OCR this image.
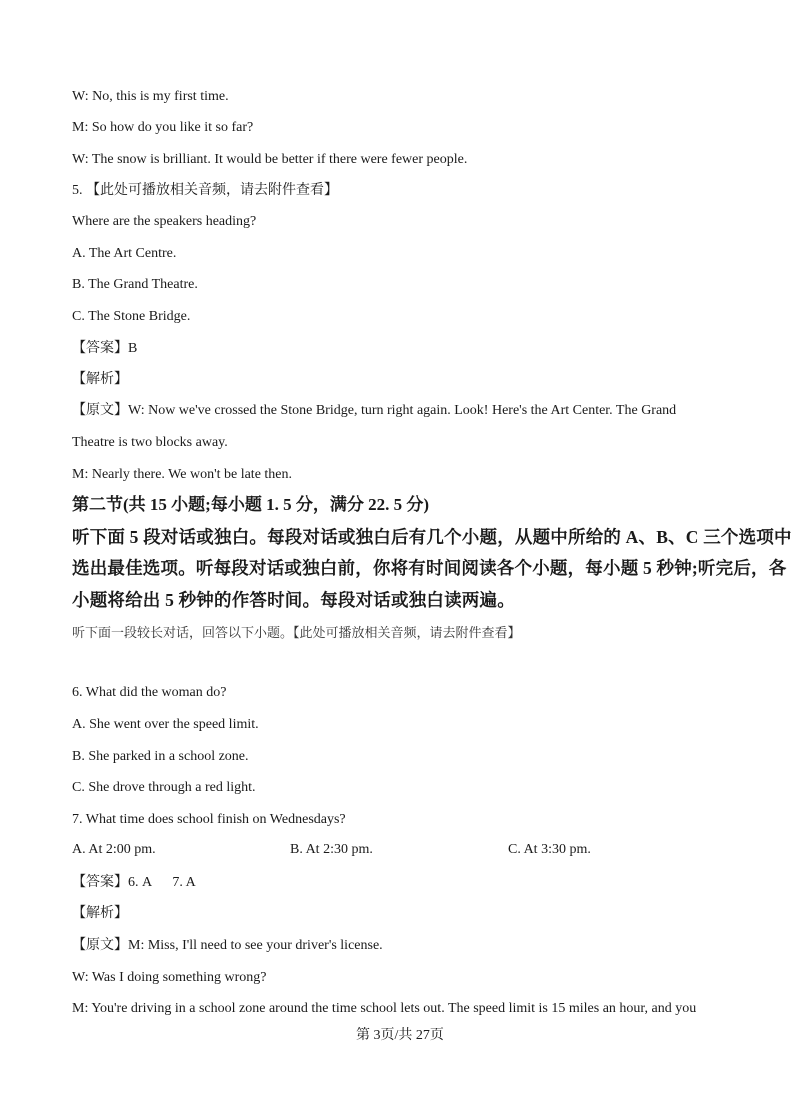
W: No, this is my first time.
M: So how do you like it so far?
W: The snow is brilliant. It would be better if there were fewer people.
5. 【此处可播放相关音频，请去附件查看】
Where are the speakers heading?
A. The Art Centre.
B. The Grand Theatre.
C. The Stone Bridge.
【答案】B
【解析】
【原文】W: Now we've crossed the Stone Bridge, turn right again. Look! Here's the Art Center. The Grand
Theatre is two blocks away.
M: Nearly there. We won't be late then.
第二节(共 15 小题;每小题 1. 5 分，满分 22. 5 分)
听下面 5 段对话或独白。每段对话或独白后有几个小题，从题中所给的 A、B、C 三个选项中
选出最佳选项。听每段对话或独白前，你将有时间阅读各个小题，每小题 5 秒钟;听完后，各
小题将给出 5 秒钟的作答时间。每段对话或独白读两遍。
听下面一段较长对话，回答以下小题。【此处可播放相关音频，请去附件查看】
6. What did the woman do?
A. She went over the speed limit.
B. She parked in a school zone.
C. She drove through a red light.
7. What time does school finish on Wednesdays?
A. At 2:00 pm.	B. At 2:30 pm.	C. At 3:30 pm.
【答案】6. A      7. A
【解析】
【原文】M: Miss, I'll need to see your driver's license.
W: Was I doing something wrong?
M: You're driving in a school zone around the time school lets out. The speed limit is 15 miles an hour, and you
第 3页/共 27页
